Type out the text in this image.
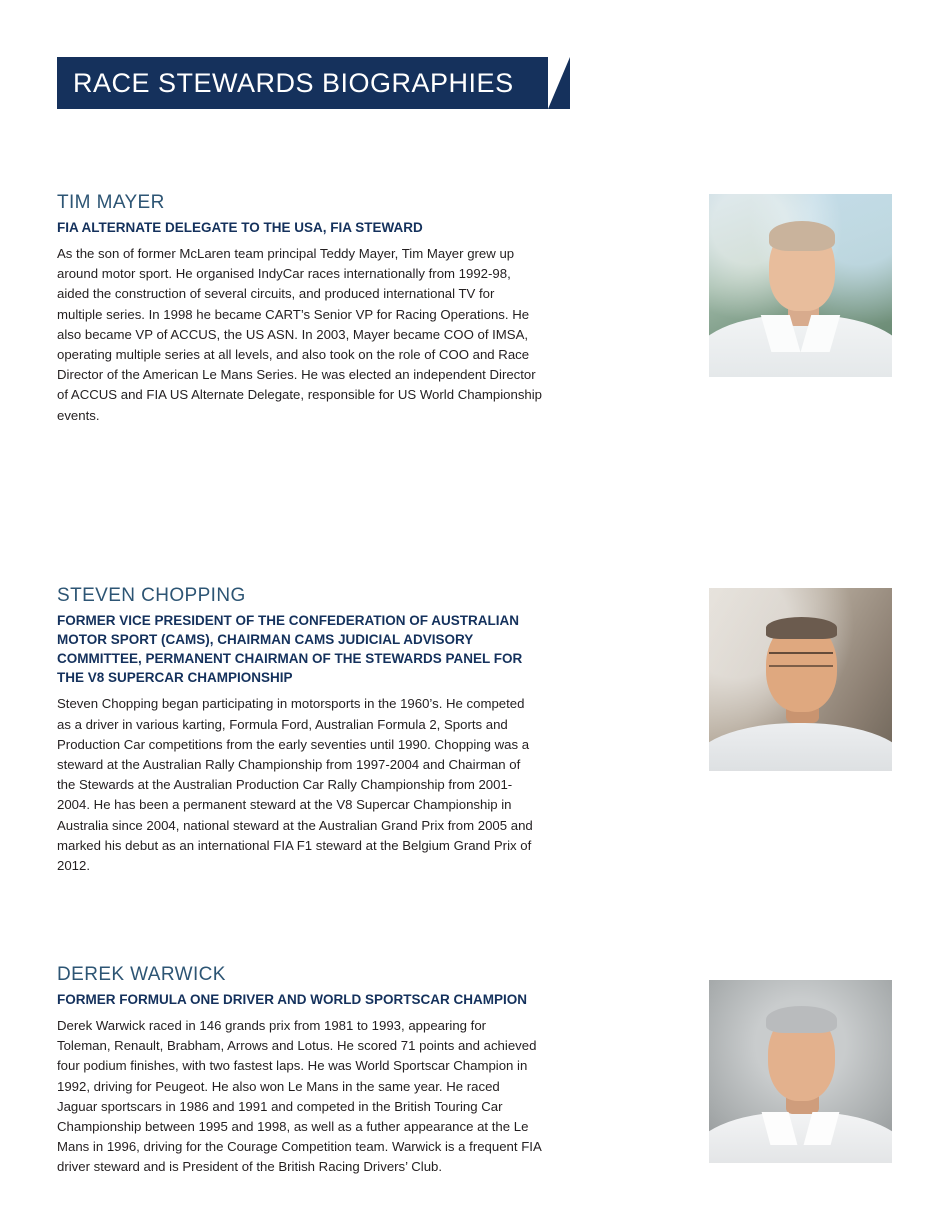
RACE STEWARDS BIOGRAPHIES
TIM MAYER
FIA ALTERNATE DELEGATE TO THE USA, FIA STEWARD

As the son of former McLaren team principal Teddy Mayer, Tim Mayer grew up around motor sport. He organised IndyCar races internationally from 1992-98, aided the construction of several circuits, and produced international TV for multiple series. In 1998 he became CART’s Senior VP for Racing Operations. He also became VP of ACCUS, the US ASN. In 2003, Mayer became COO of IMSA, operating multiple series at all levels, and also took on the role of COO and Race Director of the American Le Mans Series. He was elected an independent Director of ACCUS and FIA US Alternate Delegate, responsible for US World Championship events.

STEVEN CHOPPING
FORMER VICE PRESIDENT OF THE CONFEDERATION OF AUSTRALIAN MOTOR SPORT (CAMS), CHAIRMAN CAMS JUDICIAL ADVISORY COMMITTEE, PERMANENT CHAIRMAN OF THE STEWARDS PANEL FOR THE V8 SUPERCAR CHAMPIONSHIP

Steven Chopping began participating in motorsports in the 1960’s. He competed as a driver in various karting, Formula Ford, Australian Formula 2, Sports and Production Car competitions from the early seventies until 1990. Chopping was a steward at the Australian Rally Championship from 1997-2004 and Chairman of the Stewards at the Australian Production Car Rally Championship from 2001-2004. He has been a permanent steward at the V8 Supercar Championship in Australia since 2004, national steward at the Australian Grand Prix from 2005 and marked his debut as an international FIA F1 steward at the Belgium Grand Prix of 2012.

DEREK WARWICK
FORMER FORMULA ONE DRIVER AND WORLD SPORTSCAR CHAMPION

Derek Warwick raced in 146 grands prix from 1981 to 1993, appearing for Toleman, Renault, Brabham, Arrows and Lotus. He scored 71 points and achieved four podium finishes, with two fastest laps. He was World Sportscar Champion in 1992, driving for Peugeot. He also won Le Mans in the same year. He raced Jaguar sportscars in 1986 and 1991 and competed in the British Touring Car Championship between 1995 and 1998, as well as a futher appearance at the Le Mans in 1996, driving for the Courage Competition team. Warwick is a frequent FIA driver steward and is President of the British Racing Drivers’ Club.
